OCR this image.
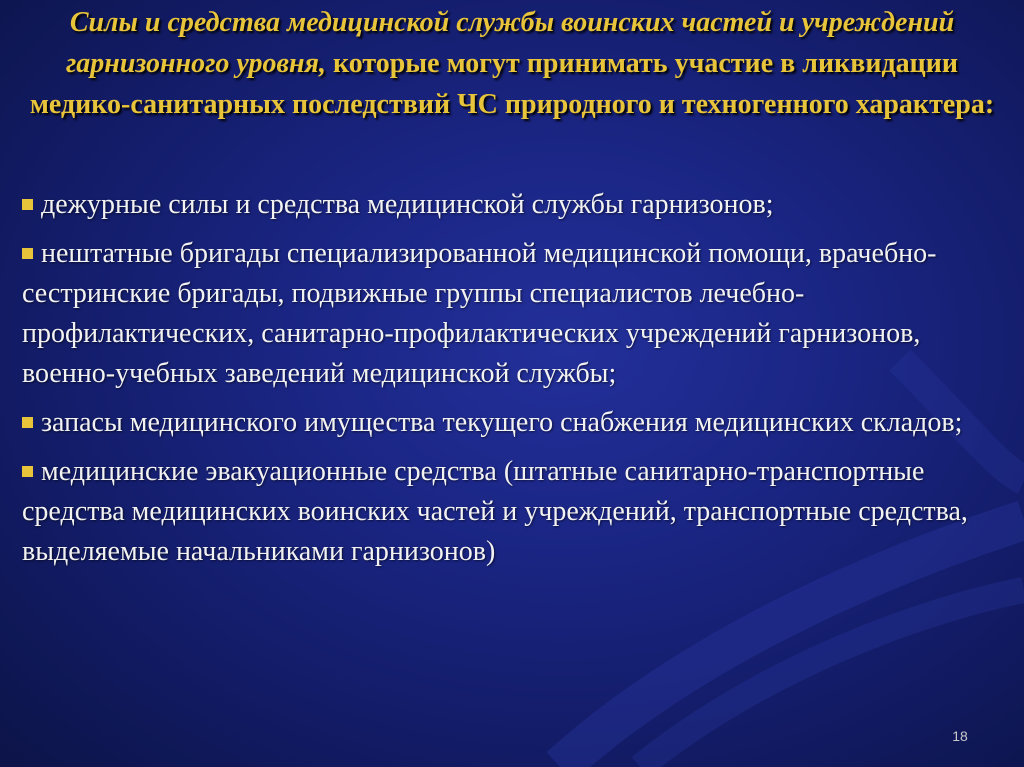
Силы и средства медицинской службы воинских частей и учреждений гарнизонного уровня, которые могут принимать участие в ликвидации медико-санитарных последствий ЧС природного и техногенного характера:
дежурные силы и средства медицинской службы гарнизонов;
нештатные бригады специализированной медицинской помощи, врачебно-сестринские бригады, подвижные группы специалистов лечебно-профилактических, санитарно-профилактических учреждений гарнизонов, военно-учебных заведений медицинской службы;
запасы медицинского имущества текущего снабжения медицинских складов;
медицинские эвакуационные средства (штатные санитарно-транспортные средства медицинских воинских частей и учреждений, транспортные средства, выделяемые начальниками гарнизонов)
18
